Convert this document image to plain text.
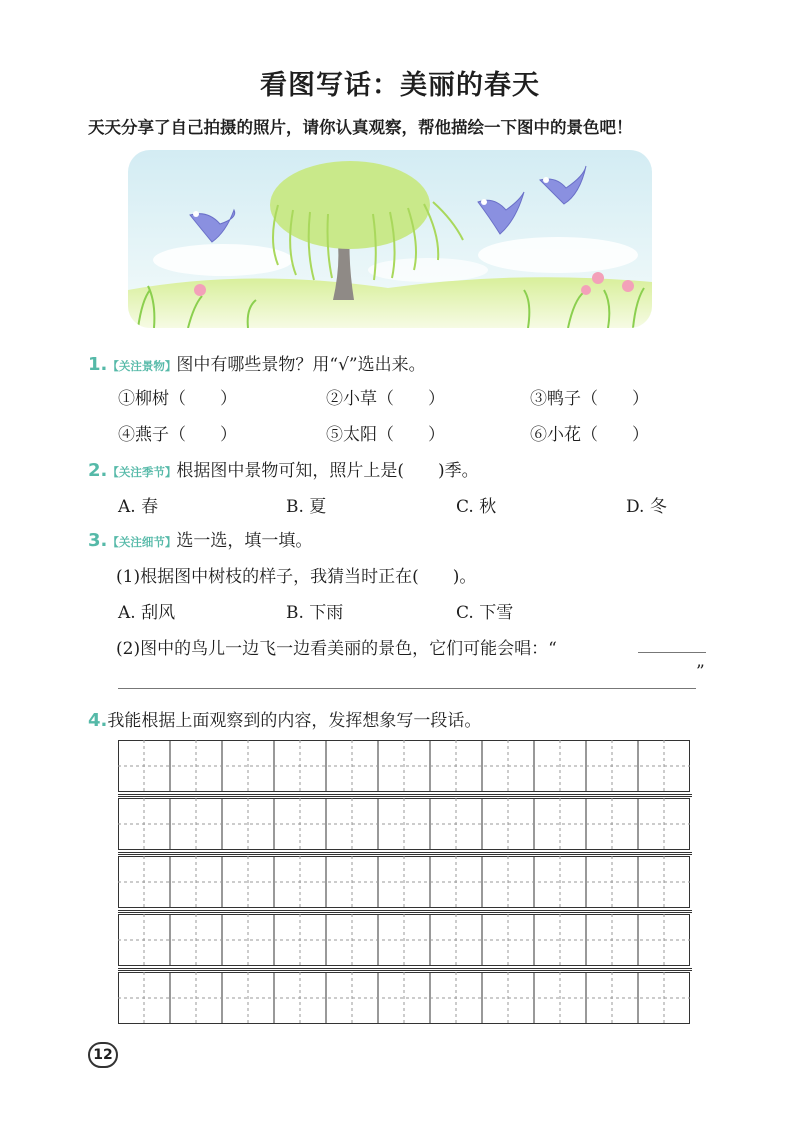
看图写话：美丽的春天
天天分享了自己拍摄的照片，请你认真观察，帮他描绘一下图中的景色吧！
1.【关注景物】图中有哪些景物？用“√”选出来。
①柳树（　　）	②小草（　　）	③鸭子（　　）
④燕子（　　）	⑤太阳（　　）	⑥小花（　　）
2.【关注季节】根据图中景物可知，照片上是(　　)季。
A. 春	B. 夏	C. 秋	D. 冬
3.【关注细节】选一选，填一填。
(1)根据图中树枝的样子，我猜当时正在(　　)。
A. 刮风	B. 下雨	C. 下雪
(2)图中的鸟儿一边飞一边看美丽的景色，它们可能会唱：“
”
4.我能根据上面观察到的内容，发挥想象写一段话。
12
